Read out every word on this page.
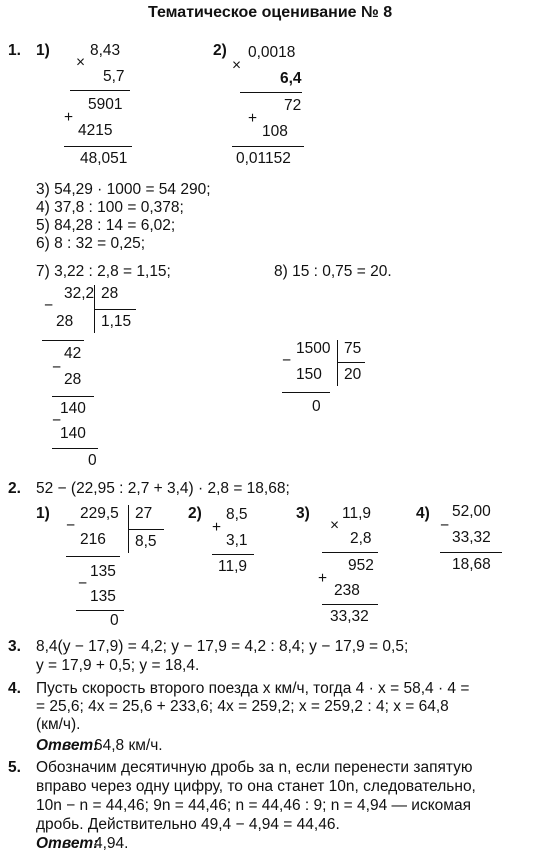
Тематическое оценивание № 8
1. 1)
×
8,43
5,7
5901
+
4215
48,051
2)
×
0,0018
6,4
72
+
108
0,01152
3) 54,29 · 1000 = 54 290;
4) 37,8 : 100 = 0,378;
5) 84,28 : 14 = 6,02;
6) 8 : 32 = 0,25;
7) 3,22 : 2,8 = 1,15;
−
32,2 28
1,15
28
42
−
28
140
−
140
0
8) 15 : 0,75 = 20.
−
1500 75
20
150
0
2. 52 − (22,95 : 2,7 + 3,4) · 2,8 = 18,68;
1)
−
229,5 27
8,5
216
135
−
135
0
2)
+
8,5
3,1
11,9
3)
×
11,9
2,8
952
+
238
33,32
4)
−
52,00
33,32
18,68
3. 8,4(y − 17,9) = 4,2; y − 17,9 = 4,2 : 8,4; y − 17,9 = 0,5;
y = 17,9 + 0,5; y = 18,4.
4. Пусть скорость второго поезда x км/ч, тогда 4 · x = 58,4 · 4 =
= 25,6; 4x = 25,6 + 233,6; 4x = 259,2; x = 259,2 : 4; x = 64,8
(км/ч).
Ответ:
64,8 км/ч.
5. Обозначим десятичную дробь за n, если перенести запятую
вправо через одну цифру, то она станет 10n, следовательно,
10n − n = 44,46; 9n = 44,46; n = 44,46 : 9; n = 4,94 — искомая
дробь. Действительно 49,4 − 4,94 = 44,46.
Ответ:
4,94.
